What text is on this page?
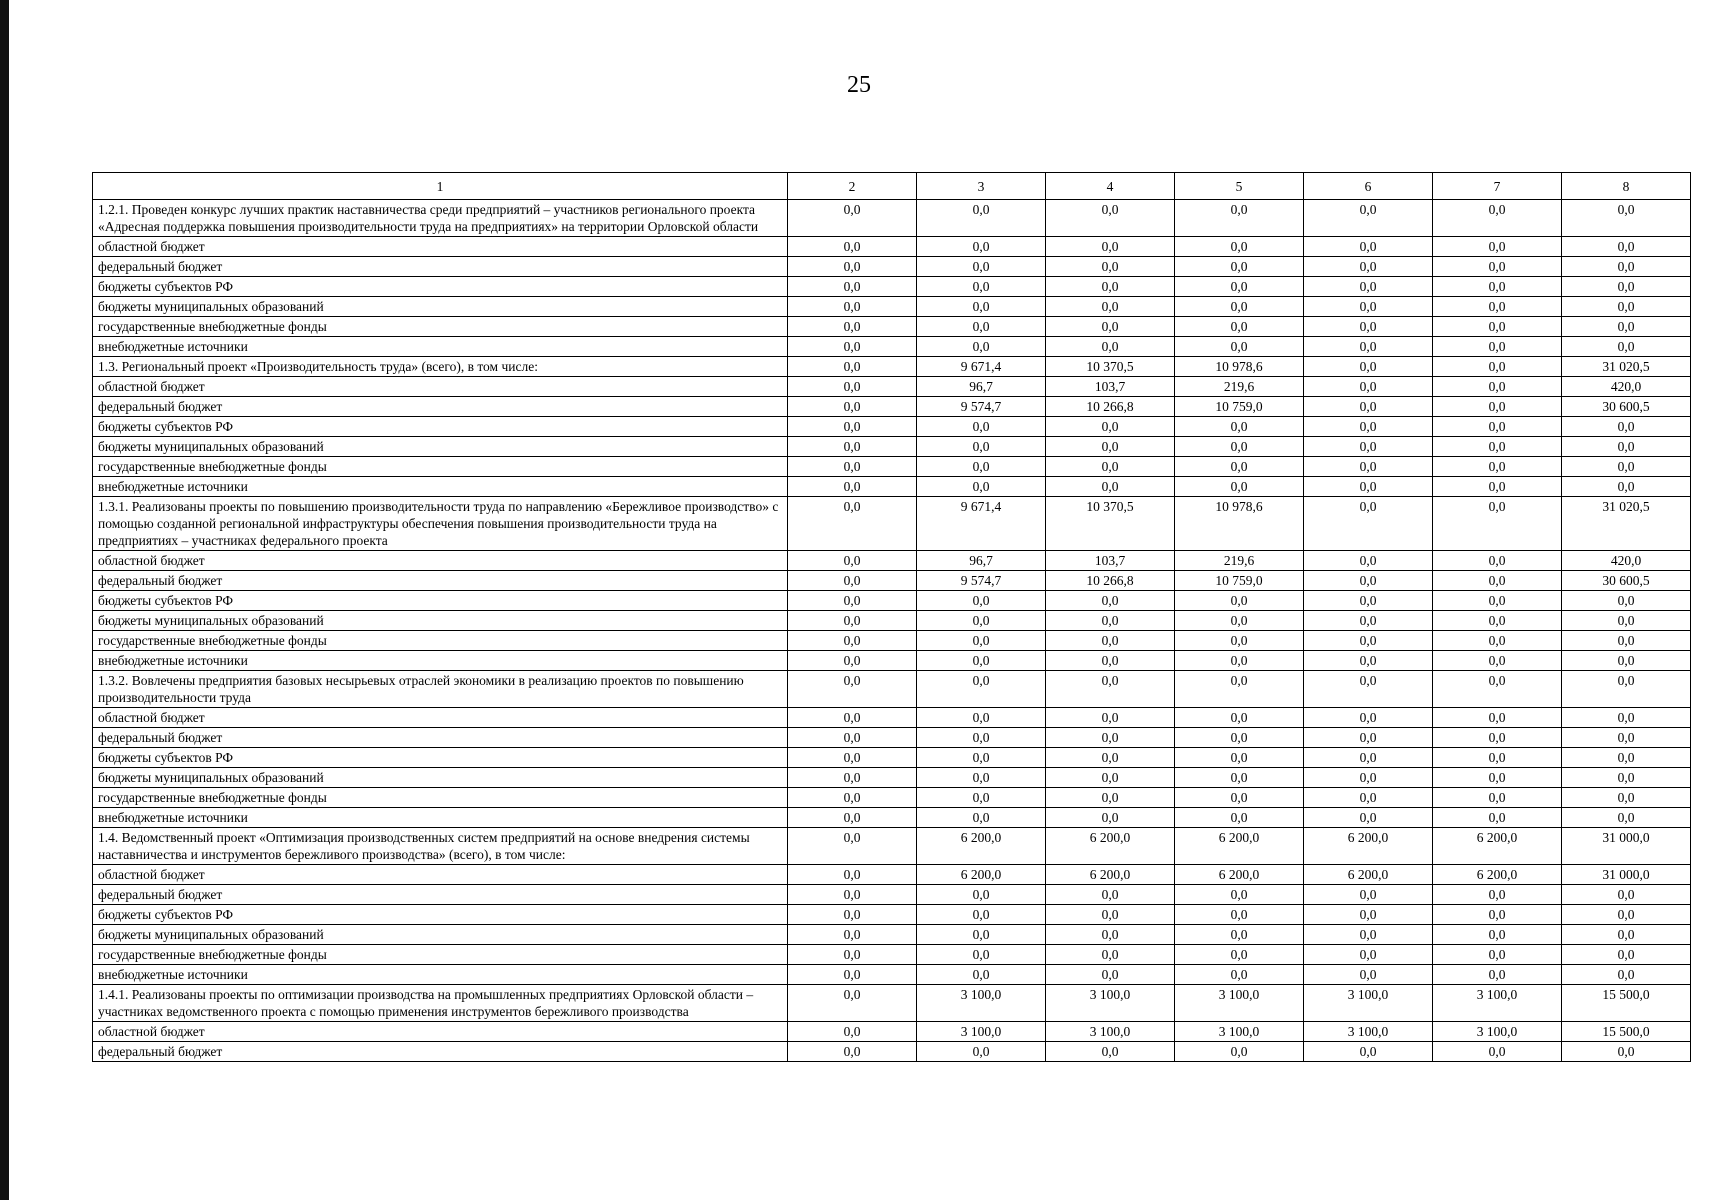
25
1	2	3	4	5	6	7	8
1.2.1. Проведен конкурс лучших практик наставничества среди предприятий – участников регионального проекта «Адресная поддержка повышения производительности труда на предприятиях» на территории Орловской области	0,0	0,0	0,0	0,0	0,0	0,0	0,0
областной бюджет	0,0	0,0	0,0	0,0	0,0	0,0	0,0
федеральный бюджет	0,0	0,0	0,0	0,0	0,0	0,0	0,0
бюджеты субъектов РФ	0,0	0,0	0,0	0,0	0,0	0,0	0,0
бюджеты муниципальных образований	0,0	0,0	0,0	0,0	0,0	0,0	0,0
государственные внебюджетные фонды	0,0	0,0	0,0	0,0	0,0	0,0	0,0
внебюджетные источники	0,0	0,0	0,0	0,0	0,0	0,0	0,0
1.3. Региональный проект «Производительность труда» (всего), в том числе:	0,0	9 671,4	10 370,5	10 978,6	0,0	0,0	31 020,5
областной бюджет	0,0	96,7	103,7	219,6	0,0	0,0	420,0
федеральный бюджет	0,0	9 574,7	10 266,8	10 759,0	0,0	0,0	30 600,5
бюджеты субъектов РФ	0,0	0,0	0,0	0,0	0,0	0,0	0,0
бюджеты муниципальных образований	0,0	0,0	0,0	0,0	0,0	0,0	0,0
государственные внебюджетные фонды	0,0	0,0	0,0	0,0	0,0	0,0	0,0
внебюджетные источники	0,0	0,0	0,0	0,0	0,0	0,0	0,0
1.3.1. Реализованы проекты по повышению производительности труда по направлению «Бережливое производство» с помощью созданной региональной инфраструктуры обеспечения повышения производительности труда на предприятиях – участниках федерального проекта	0,0	9 671,4	10 370,5	10 978,6	0,0	0,0	31 020,5
областной бюджет	0,0	96,7	103,7	219,6	0,0	0,0	420,0
федеральный бюджет	0,0	9 574,7	10 266,8	10 759,0	0,0	0,0	30 600,5
бюджеты субъектов РФ	0,0	0,0	0,0	0,0	0,0	0,0	0,0
бюджеты муниципальных образований	0,0	0,0	0,0	0,0	0,0	0,0	0,0
государственные внебюджетные фонды	0,0	0,0	0,0	0,0	0,0	0,0	0,0
внебюджетные источники	0,0	0,0	0,0	0,0	0,0	0,0	0,0
1.3.2. Вовлечены предприятия базовых несырьевых отраслей экономики в реализацию проектов по повышению производительности труда	0,0	0,0	0,0	0,0	0,0	0,0	0,0
областной бюджет	0,0	0,0	0,0	0,0	0,0	0,0	0,0
федеральный бюджет	0,0	0,0	0,0	0,0	0,0	0,0	0,0
бюджеты субъектов РФ	0,0	0,0	0,0	0,0	0,0	0,0	0,0
бюджеты муниципальных образований	0,0	0,0	0,0	0,0	0,0	0,0	0,0
государственные внебюджетные фонды	0,0	0,0	0,0	0,0	0,0	0,0	0,0
внебюджетные источники	0,0	0,0	0,0	0,0	0,0	0,0	0,0
1.4. Ведомственный проект «Оптимизация производственных систем предприятий на основе внедрения системы наставничества и инструментов бережливого производства» (всего), в том числе:	0,0	6 200,0	6 200,0	6 200,0	6 200,0	6 200,0	31 000,0
областной бюджет	0,0	6 200,0	6 200,0	6 200,0	6 200,0	6 200,0	31 000,0
федеральный бюджет	0,0	0,0	0,0	0,0	0,0	0,0	0,0
бюджеты субъектов РФ	0,0	0,0	0,0	0,0	0,0	0,0	0,0
бюджеты муниципальных образований	0,0	0,0	0,0	0,0	0,0	0,0	0,0
государственные внебюджетные фонды	0,0	0,0	0,0	0,0	0,0	0,0	0,0
внебюджетные источники	0,0	0,0	0,0	0,0	0,0	0,0	0,0
1.4.1. Реализованы проекты по оптимизации производства на промышленных предприятиях Орловской области – участниках ведомственного проекта с помощью применения инструментов бережливого производства	0,0	3 100,0	3 100,0	3 100,0	3 100,0	3 100,0	15 500,0
областной бюджет	0,0	3 100,0	3 100,0	3 100,0	3 100,0	3 100,0	15 500,0
федеральный бюджет	0,0	0,0	0,0	0,0	0,0	0,0	0,0
